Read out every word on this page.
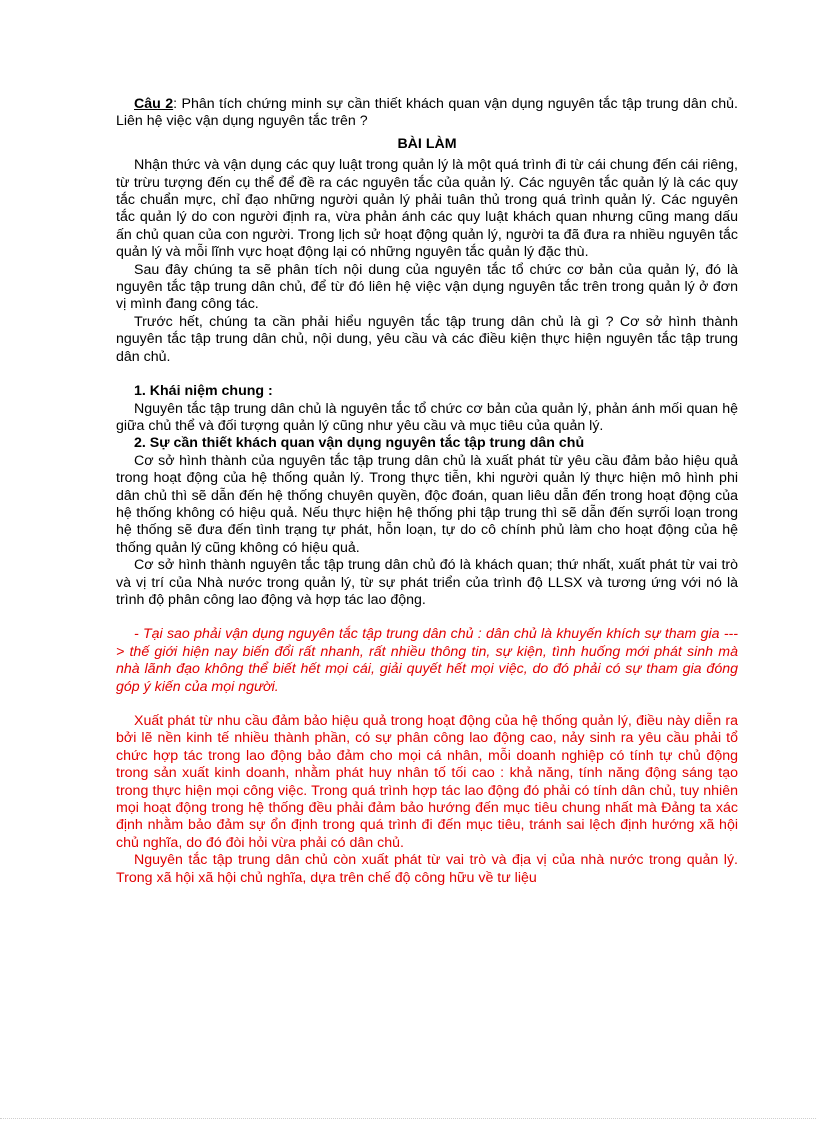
Câu 2: Phân tích chứng minh sự cần thiết khách quan vận dụng nguyên tắc tập trung dân chủ. Liên hệ việc vận dụng nguyên tắc trên ?

BÀI LÀM

Nhận thức và vận dụng các quy luật trong quản lý là một quá trình đi từ cái chung đến cái riêng, từ trừu tượng đến cụ thể để đề ra các nguyên tắc của quản lý. Các nguyên tắc quản lý là các quy tắc chuẩn mực, chỉ đạo những người quản lý phải tuân thủ trong quá trình quản lý. Các nguyên tắc quản lý do con người định ra, vừa phản ánh các quy luật khách quan nhưng cũng mang dấu ấn chủ quan của con người. Trong lịch sử hoạt động quản lý, người ta đã đưa ra nhiều nguyên tắc quản lý và mỗi lĩnh vực hoạt động lại có những nguyên tắc quản lý đặc thù.

Sau đây chúng ta sẽ phân tích nội dung của nguyên tắc tổ chức cơ bản của quản lý, đó là nguyên tắc tập trung dân chủ, để từ đó liên hệ việc vận dụng nguyên tắc trên trong quản lý ở đơn vị mình đang công tác.

Trước hết, chúng ta cần phải hiểu nguyên tắc tập trung dân chủ là gì ? Cơ sở hình thành nguyên tắc tập trung dân chủ, nội dung, yêu cầu và các điều kiện thực hiện nguyên tắc tập trung dân chủ.

1. Khái niệm chung :

Nguyên tắc tập trung dân chủ là nguyên tắc tổ chức cơ bản của quản lý, phản ánh mối quan hệ giữa chủ thể và đối tượng quản lý cũng như yêu cầu và mục tiêu của quản lý.

2. Sự cần thiết khách quan vận dụng nguyên tắc tập trung dân chủ

Cơ sở hình thành của nguyên tắc tập trung dân chủ là xuất phát từ yêu cầu đảm bảo hiệu quả trong hoạt động của hệ thống quản lý. Trong thực tiễn, khi người quản lý thực hiện mô hình phi dân chủ thì sẽ dẫn đến hệ thống chuyên quyền, độc đoán, quan liêu dẫn đến trong hoạt động của hệ thống không có hiệu quả. Nếu thực hiện hệ thống phi tập trung thì sẽ dẫn đến sựrối loạn trong hệ thống sẽ đưa đến tình trạng tự phát, hỗn loạn, tự do cô chính phủ làm cho hoạt động của hệ thống quản lý cũng không có hiệu quả.

Cơ sở hình thành nguyên tắc tập trung dân chủ đó là khách quan; thứ nhất, xuất phát từ vai trò và vị trí của Nhà nước trong quản lý, từ sự phát triển của trình độ LLSX và tương ứng với nó là trình độ phân công lao động và hợp tác lao động.

- Tại sao phải vận dụng nguyên tắc tập trung dân chủ : dân chủ là khuyến khích sự tham gia ---> thế giới hiện nay biến đổi rất nhanh, rất nhiều thông tin, sự kiện, tình huống mới phát sinh mà nhà lãnh đạo không thể biết hết mọi cái, giải quyết hết mọi việc, do đó phải có sự tham gia đóng góp ý kiến của mọi người.

Xuất phát từ nhu cầu đảm bảo hiệu quả trong hoạt động của hệ thống quản lý, điều này diễn ra bởi lẽ nền kinh tế nhiều thành phần, có sự phân công lao động cao, nảy sinh ra yêu cầu phải tổ chức hợp tác trong lao động bảo đảm cho mọi cá nhân, mỗi doanh nghiệp có tính tự chủ động trong sản xuất kinh doanh, nhằm phát huy nhân tố tối cao : khả năng, tính năng động sáng tạo trong thực hiện mọi công việc. Trong quá trình hợp tác lao động đó phải có tính dân chủ, tuy nhiên mọi hoạt động trong hệ thống đều phải đảm bảo hướng đến mục tiêu chung nhất mà Đảng ta xác định nhằm bảo đảm sự ổn định trong quá trình đi đến mục tiêu, tránh sai lệch định hướng xã hội chủ nghĩa, do đó đòi hỏi vừa phải có dân chủ.

Nguyên tắc tập trung dân chủ còn xuất phát từ vai trò và địa vị của nhà nước trong quản lý. Trong xã hội xã hội chủ nghĩa, dựa trên chế độ công hữu về tư liệu
